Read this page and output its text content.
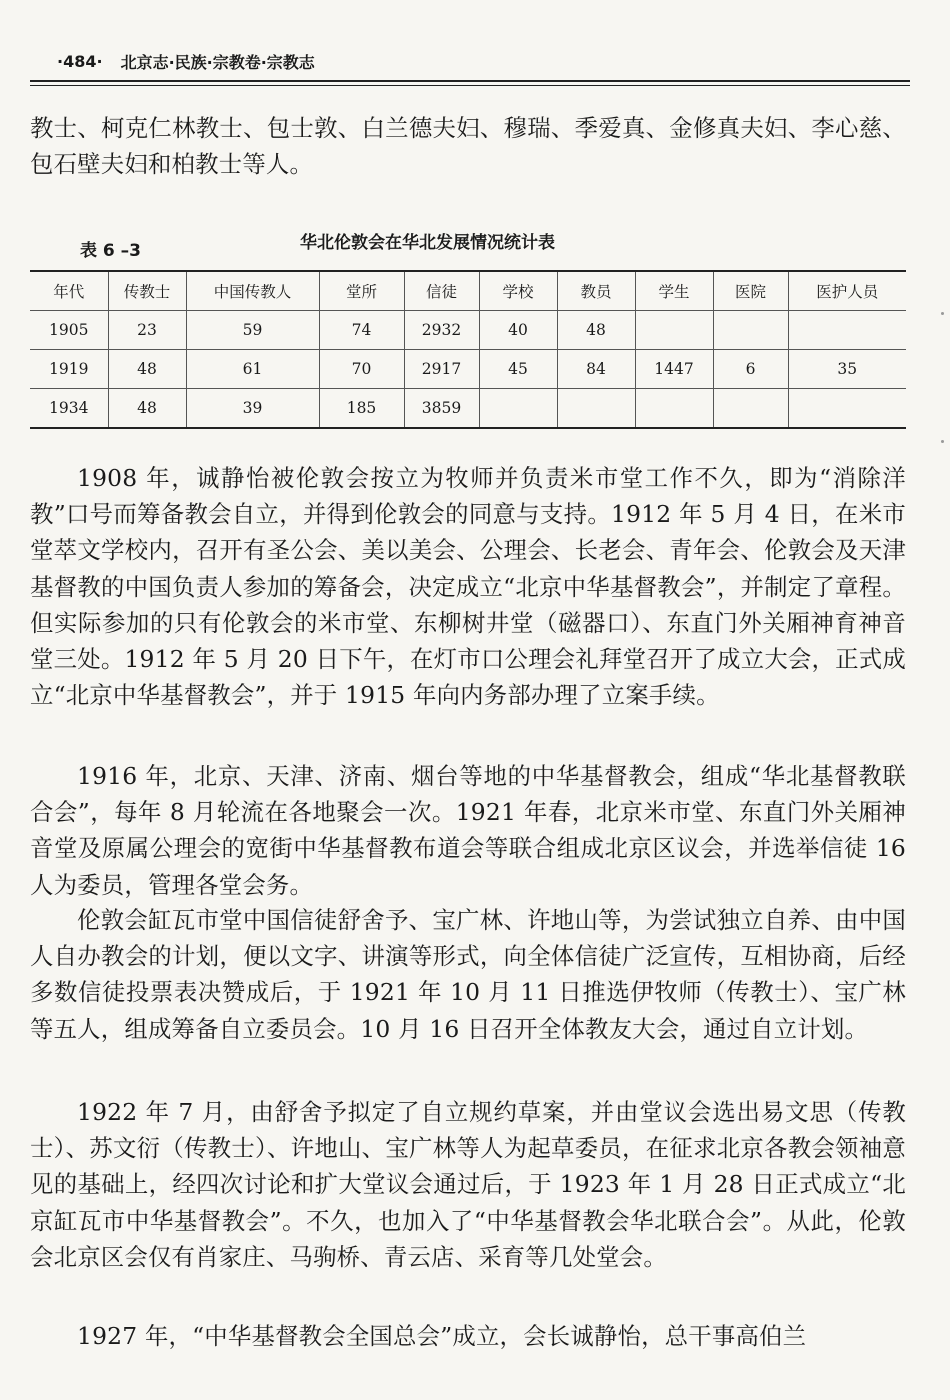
·484· 北京志·民族·宗教卷·宗教志

教士、柯克仁林教士、包士敦、白兰德夫妇、穆瑞、季爱真、金修真夫妇、李心慈、包石壁夫妇和柏教士等人。

表 6 –3	华北伦敦会在华北发展情况统计表
年代	传教士	中国传教人	堂所	信徒	学校	教员	学生	医院	医护人员
1905	23	59	74	2932	40	48			
1919	48	61	70	2917	45	84	1447	6	35
1934	48	39	185	3859					

1908 年，诚静怡被伦敦会按立为牧师并负责米市堂工作不久，即为“消除洋教”口号而筹备教会自立，并得到伦敦会的同意与支持。1912 年 5 月 4 日，在米市堂萃文学校内，召开有圣公会、美以美会、公理会、长老会、青年会、伦敦会及天津基督教的中国负责人参加的筹备会，决定成立“北京中华基督教会”，并制定了章程。但实际参加的只有伦敦会的米市堂、东柳树井堂（磁器口）、东直门外关厢神育神音堂三处。1912 年 5 月 20 日下午，在灯市口公理会礼拜堂召开了成立大会，正式成立“北京中华基督教会”，并于 1915 年向内务部办理了立案手续。

1916 年，北京、天津、济南、烟台等地的中华基督教会，组成“华北基督教联合会”，每年 8 月轮流在各地聚会一次。1921 年春，北京米市堂、东直门外关厢神音堂及原属公理会的宽街中华基督教布道会等联合组成北京区议会，并选举信徒 16 人为委员，管理各堂会务。

伦敦会缸瓦市堂中国信徒舒舍予、宝广林、许地山等，为尝试独立自养、由中国人自办教会的计划，便以文字、讲演等形式，向全体信徒广泛宣传，互相协商，后经多数信徒投票表决赞成后，于 1921 年 10 月 11 日推选伊牧师（传教士）、宝广林等五人，组成筹备自立委员会。10 月 16 日召开全体教友大会，通过自立计划。

1922 年 7 月，由舒舍予拟定了自立规约草案，并由堂议会选出易文思（传教士）、苏文衍（传教士）、许地山、宝广林等人为起草委员，在征求北京各教会领袖意见的基础上，经四次讨论和扩大堂议会通过后，于 1923 年 1 月 28 日正式成立“北京缸瓦市中华基督教会”。不久，也加入了“中华基督教会华北联合会”。从此，伦敦会北京区会仅有肖家庄、马驹桥、青云店、采育等几处堂会。

1927 年，“中华基督教会全国总会”成立，会长诚静怡，总干事高伯兰
